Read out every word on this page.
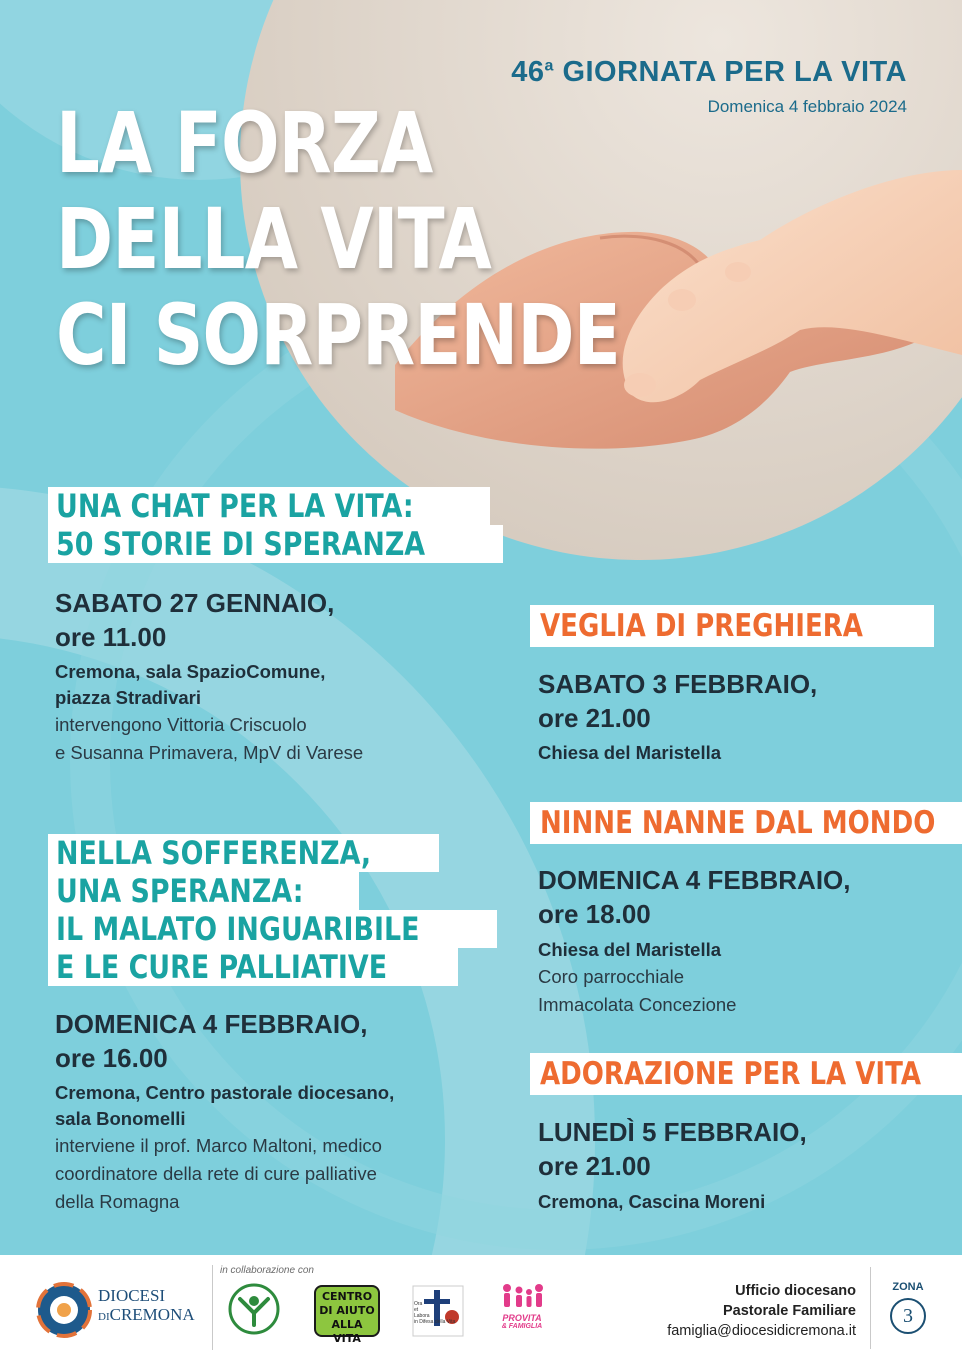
46$^a$ GIORNATA PER LA VITA
Domenica 4 febbraio 2024
LA FORZA
DELLA VITA
CI SORPRENDE
UNA CHAT PER LA VITA:
50 STORIE DI SPERANZA
SABATO 27 GENNAIO,
ore 11.00
Cremona, sala SpazioComune,
piazza Stradivari
intervengono Vittoria Criscuolo
e Susanna Primavera, MpV di Varese
NELLA SOFFERENZA,
UNA SPERANZA:
IL MALATO INGUARIBILE
E LE CURE PALLIATIVE
DOMENICA 4 FEBBRAIO,
ore 16.00
Cremona, Centro pastorale diocesano,
sala Bonomelli
interviene il prof. Marco Maltoni, medico
coordinatore della rete di cure palliative
della Romagna
VEGLIA DI PREGHIERA
SABATO 3 FEBBRAIO,
ore 21.00
Chiesa del Maristella
NINNE NANNE DAL MONDO
DOMENICA 4 FEBBRAIO,
ore 18.00
Chiesa del Maristella
Coro parrocchiale
Immacolata Concezione
ADORAZIONE PER LA VITA
LUNEDÌ 5 FEBBRAIO,
ore 21.00
Cremona, Cascina Moreni
DIOCESI
DICREMONA
in collaborazione con
CENTRO
DI AIUTO
ALLA VITA
Ora
et
Labora
in Difesa della Vita	PROVITA
& FAMIGLIA
Ufficio diocesano
Pastorale Familiare
famiglia@diocesidicremona.it
ZONA
3
